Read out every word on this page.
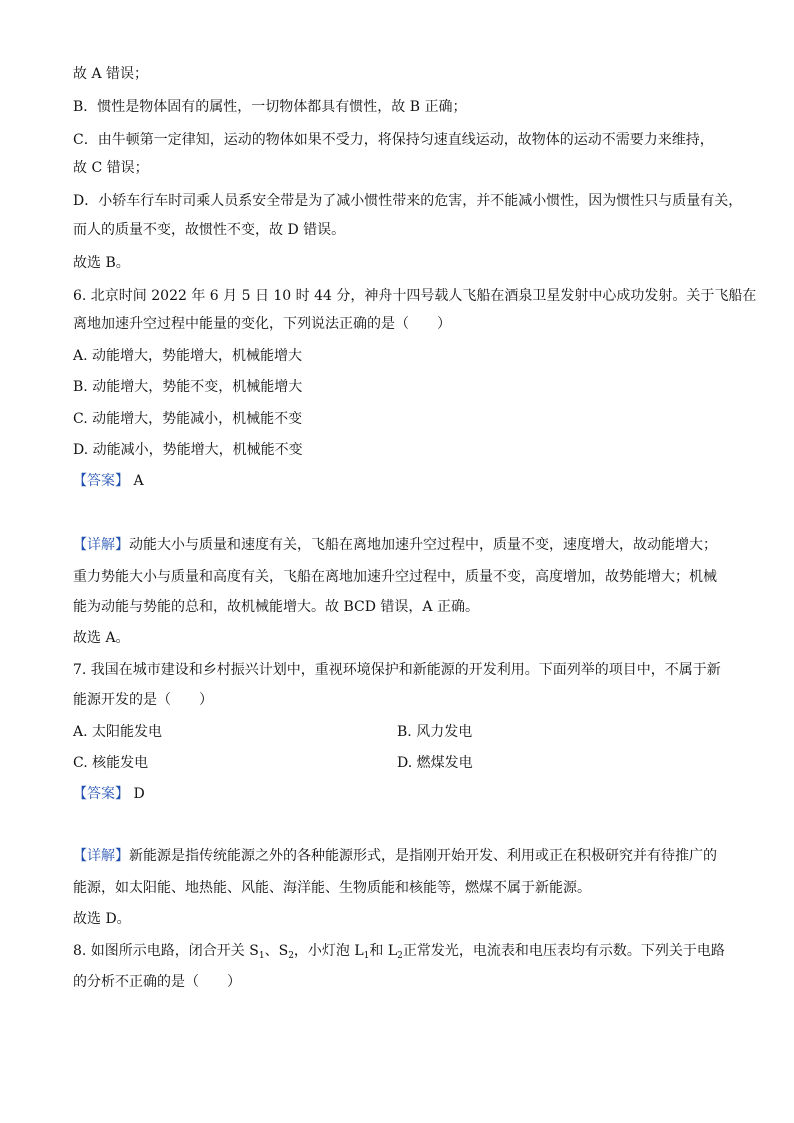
故 A 错误；
B．惯性是物体固有的属性，一切物体都具有惯性，故 B 正确；
C．由牛顿第一定律知，运动的物体如果不受力，将保持匀速直线运动，故物体的运动不需要力来维持，
故 C 错误；
D．小轿车行车时司乘人员系安全带是为了减小惯性带来的危害，并不能减小惯性，因为惯性只与质量有关，
而人的质量不变，故惯性不变，故 D 错误。
故选 B。
6. 北京时间 2022 年 6 月 5 日 10 时 44 分，神舟十四号载人飞船在酒泉卫星发射中心成功发射。关于飞船在
离地加速升空过程中能量的变化，下列说法正确的是（　　）
A. 动能增大，势能增大，机械能增大
B. 动能增大，势能不变，机械能增大
C. 动能增大，势能减小，机械能不变
D. 动能减小，势能增大，机械能不变
【答案】 A
【详解】动能大小与质量和速度有关，飞船在离地加速升空过程中，质量不变，速度增大，故动能增大；
重力势能大小与质量和高度有关，飞船在离地加速升空过程中，质量不变，高度增加，故势能增大；机械
能为动能与势能的总和，故机械能增大。故 BCD 错误，A 正确。
故选 A。
7. 我国在城市建设和乡村振兴计划中，重视环境保护和新能源的开发利用。下面列举的项目中，不属于新
能源开发的是（　　）
A. 太阳能发电	B. 风力发电
C. 核能发电	D. 燃煤发电
【答案】 D
【详解】新能源是指传统能源之外的各种能源形式，是指刚开始开发、利用或正在积极研究并有待推广的
能源，如太阳能、地热能、风能、海洋能、生物质能和核能等，燃煤不属于新能源。
故选 D。
8. 如图所示电路，闭合开关 $S_1$、$S_2$，小灯泡 $L_1$和 $L_2$正常发光，电流表和电压表均有示数。下列关于电路
的分析不正确的是（　　）
